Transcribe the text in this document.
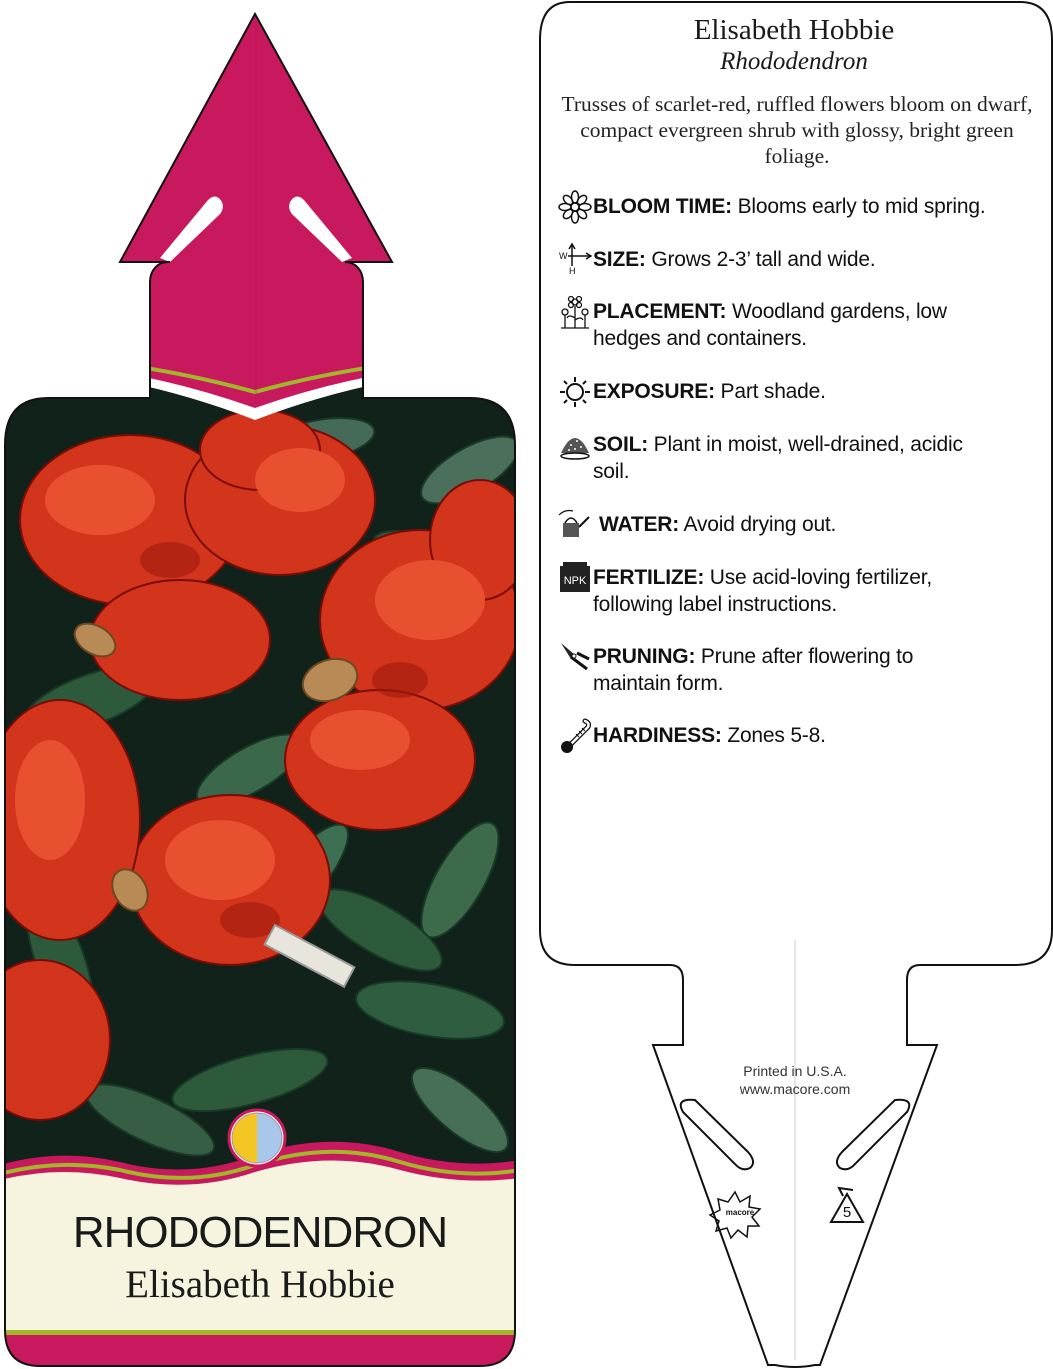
RHODODENDRON
Elisabeth Hobbie
Elisabeth Hobbie
Rhododendron
Trusses of scarlet-red, ruffled flowers bloom on dwarf, compact evergreen shrub with glossy, bright green foliage.
BLOOM TIME: Blooms early to mid spring.
W
H SIZE: Grows 2-3’ tall and wide.
PLACEMENT: Woodland gardens, low
hedges and containers.
EXPOSURE: Part shade.
SOIL: Plant in moist, well-drained, acidic
soil.
WATER: Avoid drying out.
NPK FERTILIZE: Use acid-loving fertilizer,
following label instructions.
PRUNING: Prune after flowering to
maintain form.
HARDINESS: Zones 5-8.
Printed in U.S.A.
www.macore.com
macore	5
